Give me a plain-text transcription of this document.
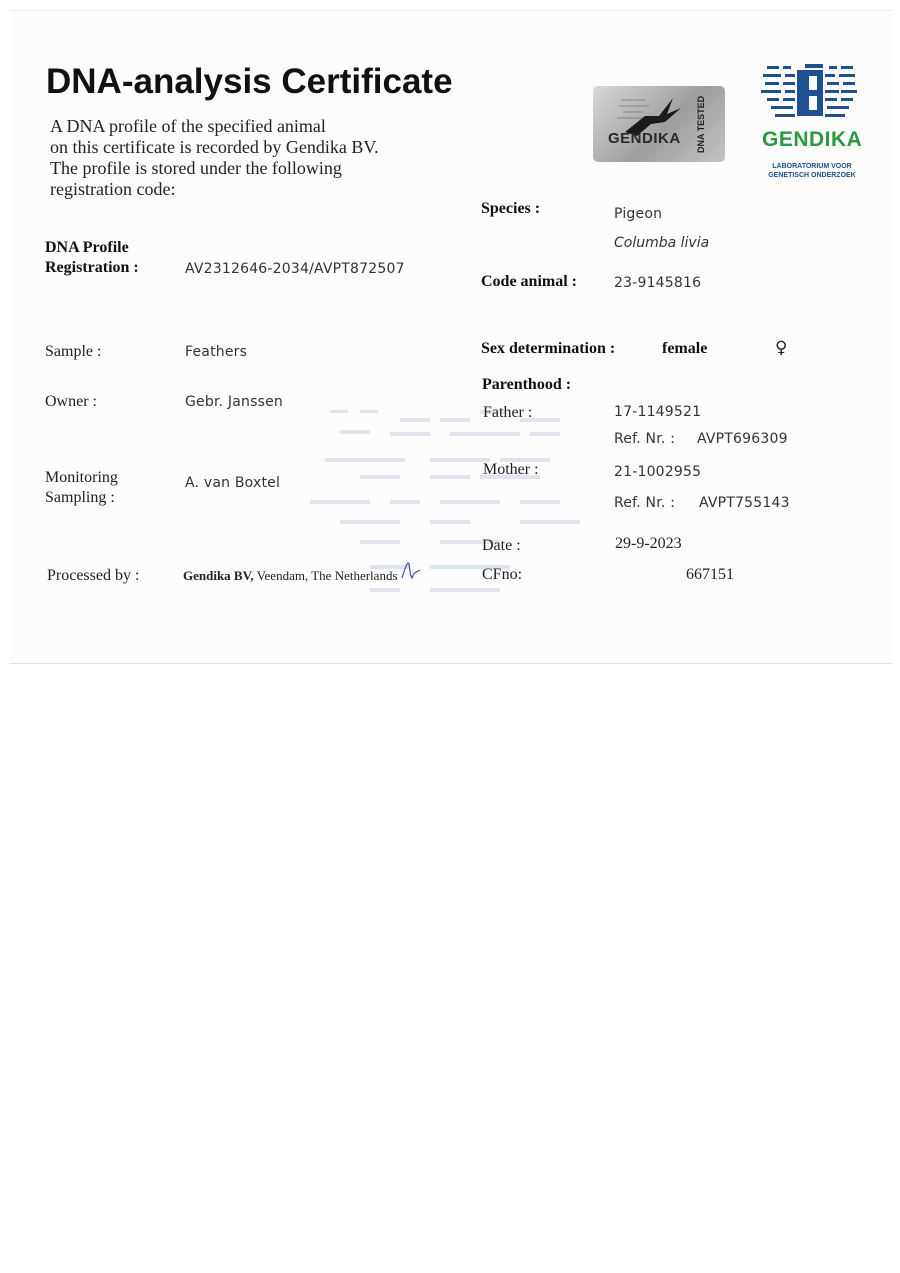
DNA-analysis Certificate
A DNA profile of the specified animal
on this certificate is recorded by Gendika BV.
The profile is stored under the following
registration code:
GENDIKA DNA TESTED	GENDIKA
LABORATORIUM VOOR
GENETISCH ONDERZOEK
DNA Profile
Registration :	AV2312646-2034/AVPT872507
Sample :	Feathers
Owner :	Gebr. Janssen
Monitoring
Sampling :
A. van Boxtel
Processed by :	Gendika BV, Veendam, The Netherlands
Species :	Pigeon
Columba livia
Code animal :	23-9145816
Sex determination :	female	♀
Parenthood :
Father :	17-1149521
Ref. Nr. : AVPT696309
Mother :	21-1002955
Ref. Nr. : AVPT755143
Date :	29-9-2023
CFno:	667151
